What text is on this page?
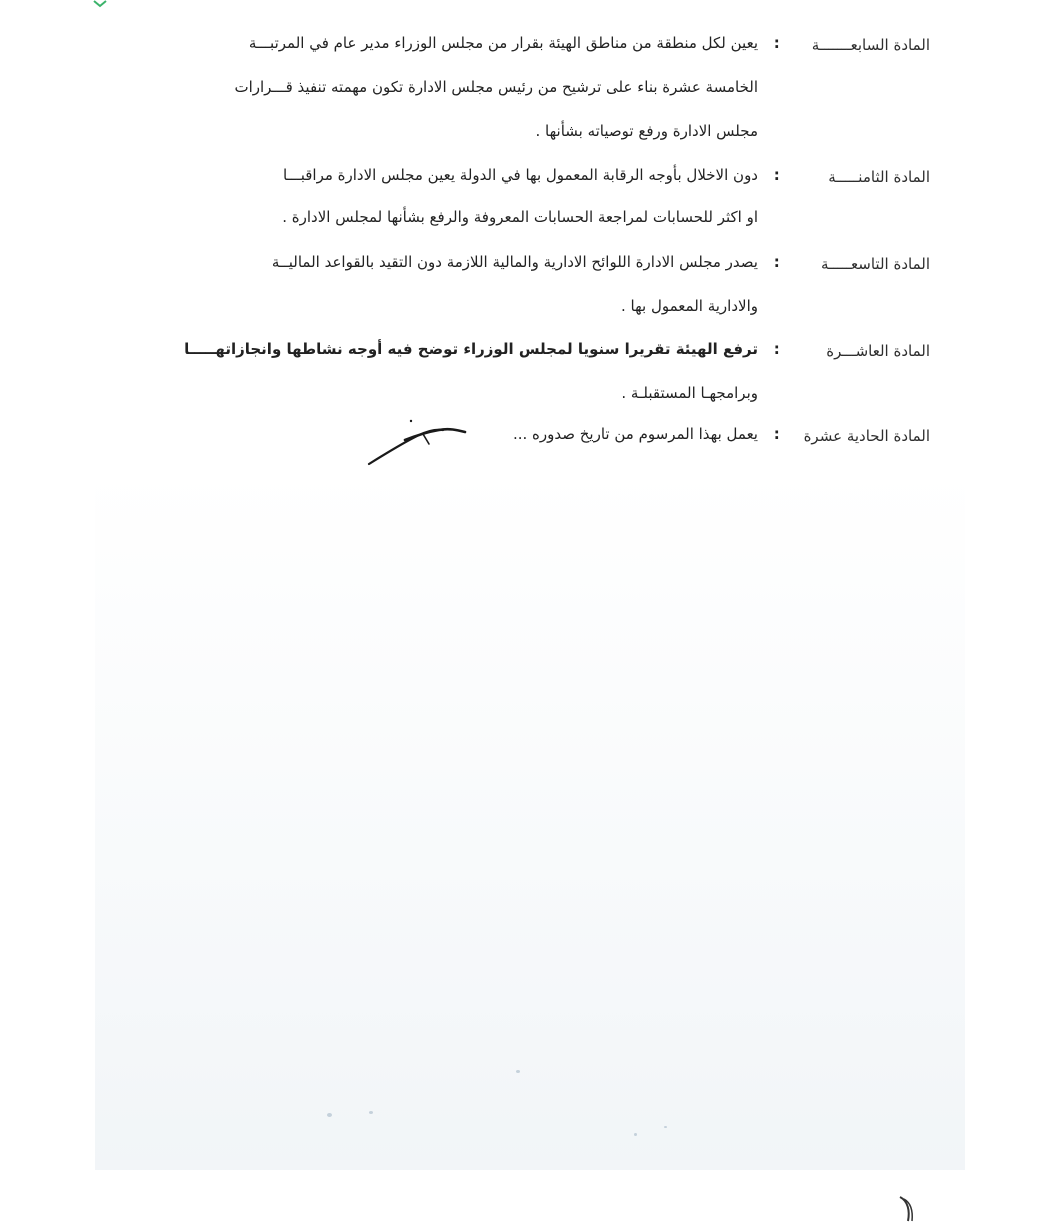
المادة السابعـــــــة
:
يعين لكل منطقة من مناطق الهيئة بقرار من مجلس الوزراء مدير عام في المرتبـــة
الخامسة عشرة بناء على ترشيح من رئيس مجلس الادارة تكون مهمته تنفيذ قـــرارات
مجلس الادارة ورفع توصياته بشأنها .
المادة الثامنـــــة
:
دون الاخلال بأوجه الرقابة المعمول بها في الدولة يعين مجلس الادارة مراقبـــا
او اكثر للحسابات لمراجعة الحسابات المعروفة والرفع بشأنها لمجلس الادارة .
المادة التاسعـــــة
:
يصدر مجلس الادارة اللوائح الادارية والمالية اللازمة دون التقيد بالقواعد الماليــة
والادارية المعمول بها .
المادة العاشـــرة
:
ترفع الهيئة تقريرا سنويا لمجلس الوزراء توضح فيه أوجه نشاطها وانجازاتهـــــا
وبرامجهـا المستقبلـة .
المادة الحادية عشرة
:
يعمل بهذا المرسوم من تاريخ صدوره ...
